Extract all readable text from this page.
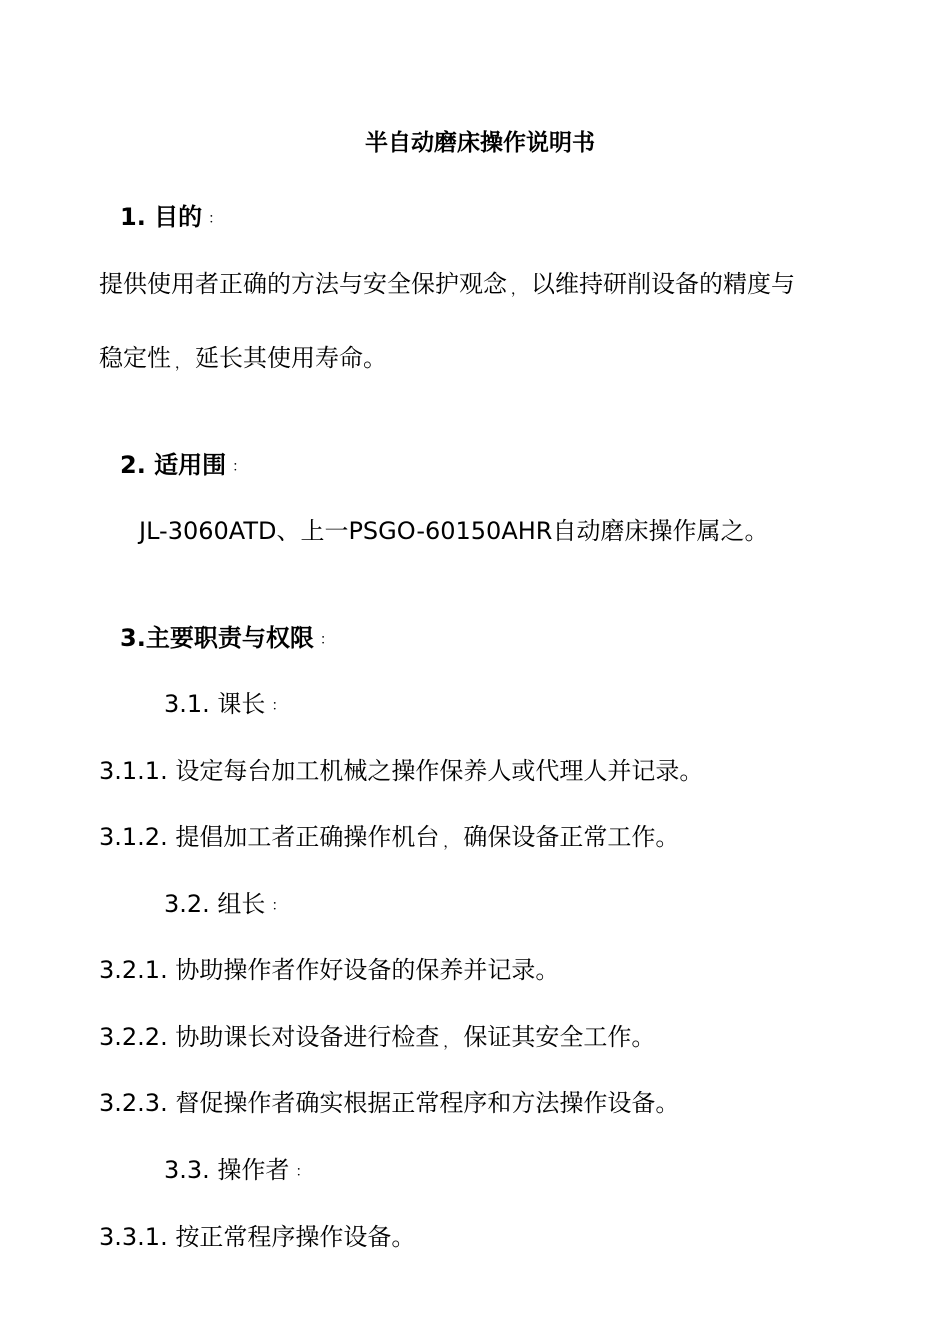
半自动磨床操作说明书
1. 目的 ：
提供使用者正确的方法与安全保护观念 ， 以维持研削设备的精度与
稳定性 ， 延长其使用寿命。
2. 适用围 ：
JL-3060ATD、上一PSGO-60150AHR自动磨床操作属之。
3.主要职责与权限 ：
3.1. 课长 ：
3.1.1. 设定每台加工机械之操作保养人或代理人并记录。
3.1.2. 提倡加工者正确操作机台 ， 确保设备正常工作。
3.2. 组长 ：
3.2.1. 协助操作者作好设备的保养并记录。
3.2.2. 协助课长对设备进行检查 ， 保证其安全工作。
3.2.3. 督促操作者确实根据正常程序和方法操作设备。
3.3. 操作者 ：
3.3.1. 按正常程序操作设备。
